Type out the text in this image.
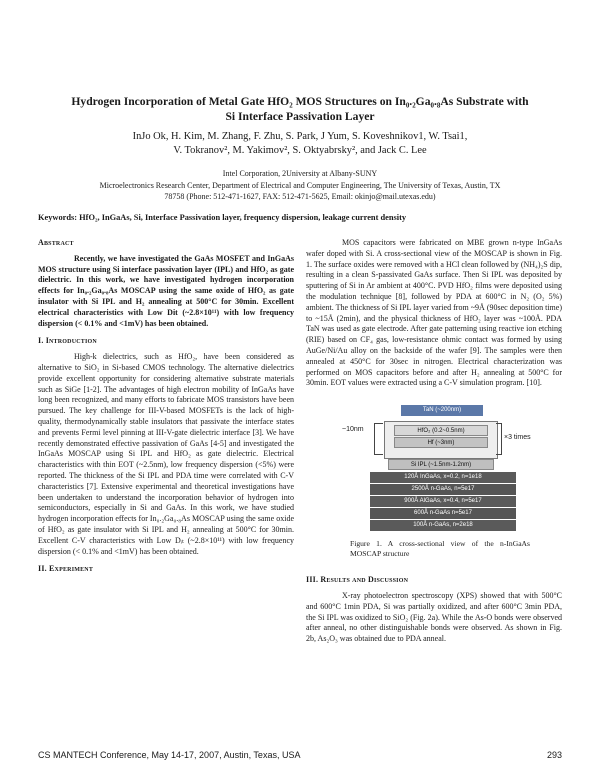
Hydrogen Incorporation of Metal Gate HfO₂ MOS Structures on In₀.₂Ga₀.₈As Substrate with Si Interface Passivation Layer
InJo Ok, H. Kim, M. Zhang, F. Zhu, S. Park, J Yum, S. Koveshnikov1, W. Tsai1,
V. Tokranov², M. Yakimov², S. Oktyabrsky², and Jack C. Lee
Intel Corporation, 2University at Albany-SUNY
Microelectronics Research Center, Department of Electrical and Computer Engineering, The University of Texas, Austin, TX
78758 (Phone: 512-471-1627, FAX: 512-471-5625, Email: okinjo@mail.utexas.edu)
Keywords: HfO₂, InGaAs, Si, Interface Passivation layer, frequency dispersion, leakage current density
Abstract

Recently, we have investigated the GaAs MOSFET and InGaAs MOS structure using Si interface passivation layer (IPL) and HfO₂ as gate dielectric. In this work, we have investigated hydrogen incorporation effects for In₀.₂Ga₀.₈As MOSCAP using the same oxide of HfO₂ as gate insulator with Si IPL and H₂ annealing at 500°C for 30min. Excellent electrical characteristics with Low Dit (~2.8×10¹¹) with low frequency dispersion (< 0.1% and <1mV) has been obtained.

I. Introduction

High-k dielectrics, such as HfO₂, have been considered as alternative to SiO₂ in Si-based CMOS technology. The alternative dielectrics provide excellent opportunity for considering alternative substrate materials such as SiGe [1-2]. The advantages of high electron mobility of InGaAs have long been recognized, and many efforts to fabricate MOS transistors have been pursued. The key challenge for III-V-based MOSFETs is the lack of high-quality, thermodynamically stable insulators that passivate the interface states and prevents Fermi level pinning at III-V-gate dielectric interface [3]. We have recently demonstrated effective passivation of GaAs [4-5] and investigated the InGaAs MOSCAP using Si IPL and HfO₂ as gate dielectric. Electrical characteristics with thin EOT (~2.5nm), low frequency dispersion (<5%) were reported. The thickness of the Si IPL and PDA time were correlated with C-V characteristics [7]. Extensive experimental and theoretical investigations have been undertaken to understand the incorporation behavior of hydrogen into semiconductors, especially in Si and GaAs. In this work, we have studied hydrogen incorporation effects for In₀.₂Ga₀.₈As MOSCAP using the same oxide of HfO₂ as gate insulator with Si IPL and H₂ annealing at 500°C for 30min. Excellent C-V characteristics with Low Dᵢₜ (~2.8×10¹¹) with low frequency dispersion (< 0.1% and <1mV) has been obtained.

II. Experiment

MOS capacitors were fabricated on MBE grown n-type InGaAs wafer doped with Si. A cross-sectional view of the MOSCAP is shown in Fig. 1. The surface oxides were removed with a HCl clean followed by (NH₄)₂S dip, resulting in a clean S-passivated GaAs surface. Then Si IPL was deposited by sputtering of Si in Ar ambient at 400°C. PVD HfO₂ films were deposited using the modulation technique [8], followed by PDA at 600°C in N₂ (O₂ 5%) ambient. The thickness of Si IPL layer varied from ~9Å (90sec deposition time) to ~15Å (2min), and the physical thickness of HfO₂ layer was ~100Å. PDA TaN was used as gate electrode. After gate patterning using reactive ion etching (RIE) based on CF₄ gas, low-resistance ohmic contact was formed by using AuGe/Ni/Au alloy on the backside of the wafer [9]. The samples were then annealed at 450°C for 30sec in nitrogen. Electrical characterization was performed on MOS capacitors before and after H₂ annealing at 500°C for 30min. EOT values were extracted using a C-V simulation program. [10].

TaN (~200nm)
HfO₂ (0.2~0.5nm)
Hf (~3nm)
Si IPL (~1.5nm-1.2nm)
120Å InGaAs, x=0.2, n=1e18
2500Å n-GaAs, n=5e17
900Å AlGaAs, x=0.4, n=5e17
600Å n-GaAs n=5e17
100Å n-GaAs, n=2e18
~10nm
×3 times
Figure 1. A cross-sectional view of the n-InGaAs MOSCAP structure
III. Results and Discussion

X-ray photoelectron spectroscopy (XPS) showed that with 500°C and 600°C 1min PDA, Si was partially oxidized, and after 600°C 3min PDA, the Si IPL was oxidized to SiO₂ (Fig. 2a). While the As-O bonds were observed after anneal, no other distinguishable bonds were observed. As shown in Fig. 2b, As₂O₃ was obtained due to PDA anneal.

CS MANTECH Conference, May 14-17, 2007, Austin, Texas, USA	293
